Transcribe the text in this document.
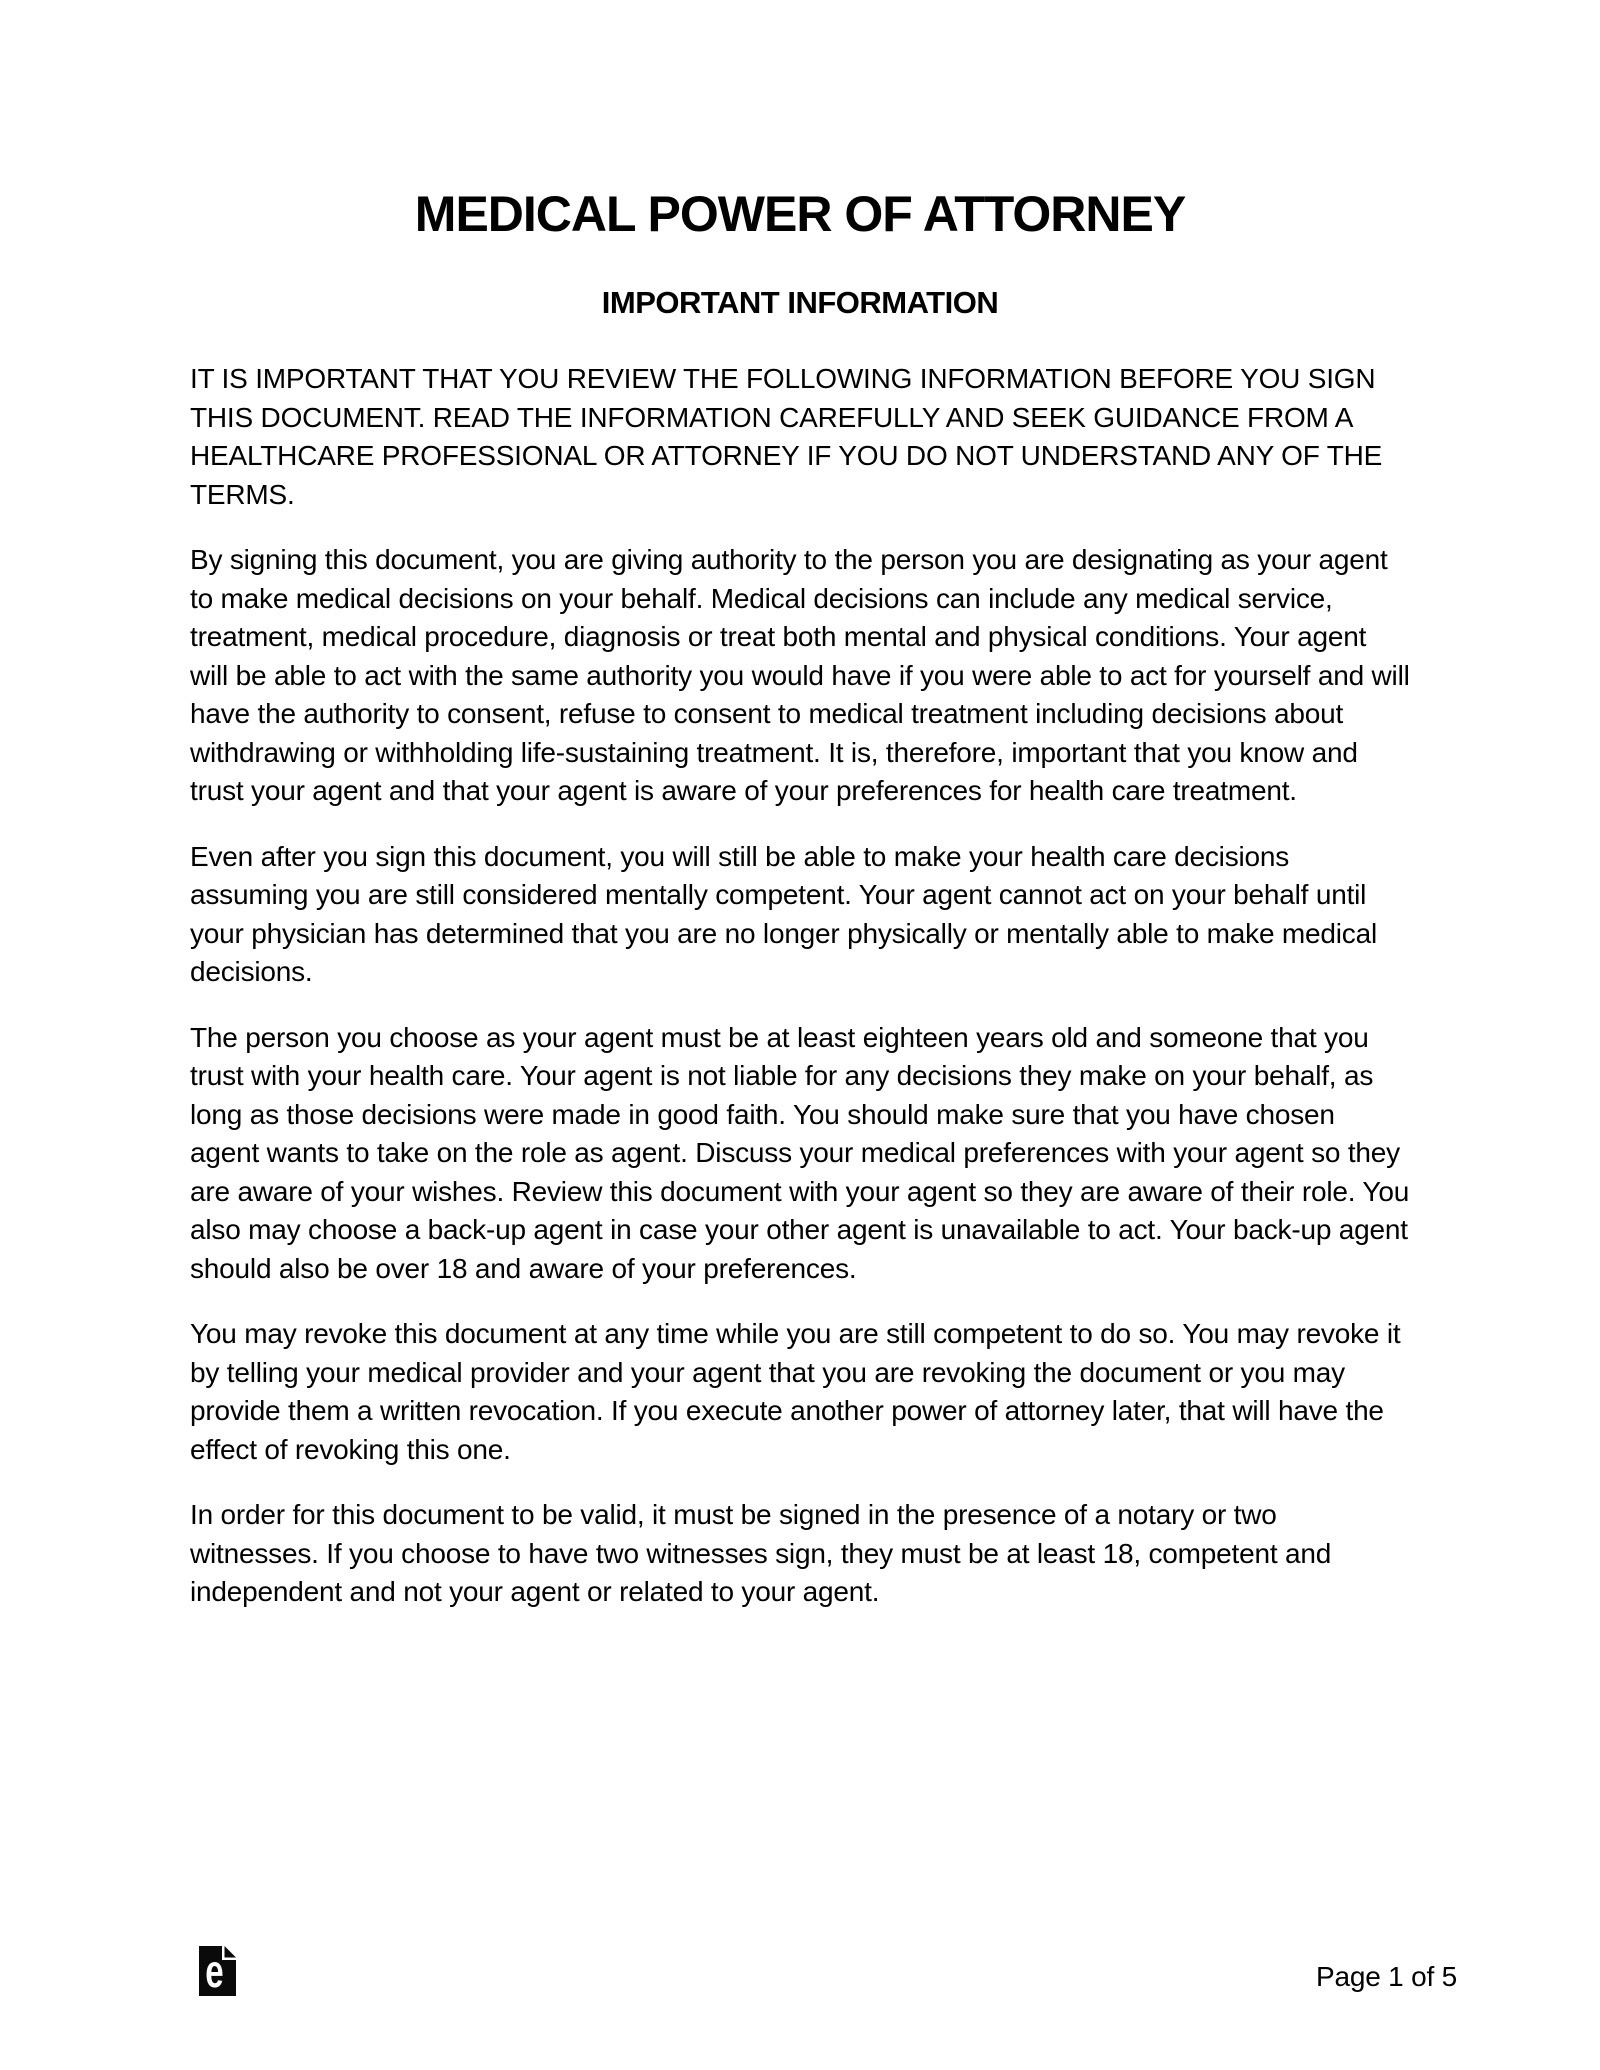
MEDICAL POWER OF ATTORNEY
IMPORTANT INFORMATION

IT IS IMPORTANT THAT YOU REVIEW THE FOLLOWING INFORMATION BEFORE YOU SIGN THIS DOCUMENT. READ THE INFORMATION CAREFULLY AND SEEK GUIDANCE FROM A HEALTHCARE PROFESSIONAL OR ATTORNEY IF YOU DO NOT UNDERSTAND ANY OF THE TERMS.

By signing this document, you are giving authority to the person you are designating as your agent to make medical decisions on your behalf. Medical decisions can include any medical service, treatment, medical procedure, diagnosis or treat both mental and physical conditions. Your agent will be able to act with the same authority you would have if you were able to act for yourself and will have the authority to consent, refuse to consent to medical treatment including decisions about withdrawing or withholding life-sustaining treatment. It is, therefore, important that you know and trust your agent and that your agent is aware of your preferences for health care treatment.

Even after you sign this document, you will still be able to make your health care decisions assuming you are still considered mentally competent. Your agent cannot act on your behalf until your physician has determined that you are no longer physically or mentally able to make medical decisions.

The person you choose as your agent must be at least eighteen years old and someone that you trust with your health care. Your agent is not liable for any decisions they make on your behalf, as long as those decisions were made in good faith. You should make sure that you have chosen agent wants to take on the role as agent. Discuss your medical preferences with your agent so they are aware of your wishes. Review this document with your agent so they are aware of their role. You also may choose a back-up agent in case your other agent is unavailable to act. Your back-up agent should also be over 18 and aware of your preferences.

You may revoke this document at any time while you are still competent to do so. You may revoke it by telling your medical provider and your agent that you are revoking the document or you may provide them a written revocation. If you execute another power of attorney later, that will have the effect of revoking this one.

In order for this document to be valid, it must be signed in the presence of a notary or two witnesses. If you choose to have two witnesses sign, they must be at least 18, competent and independent and not your agent or related to your agent.

e	Page 1 of 5
